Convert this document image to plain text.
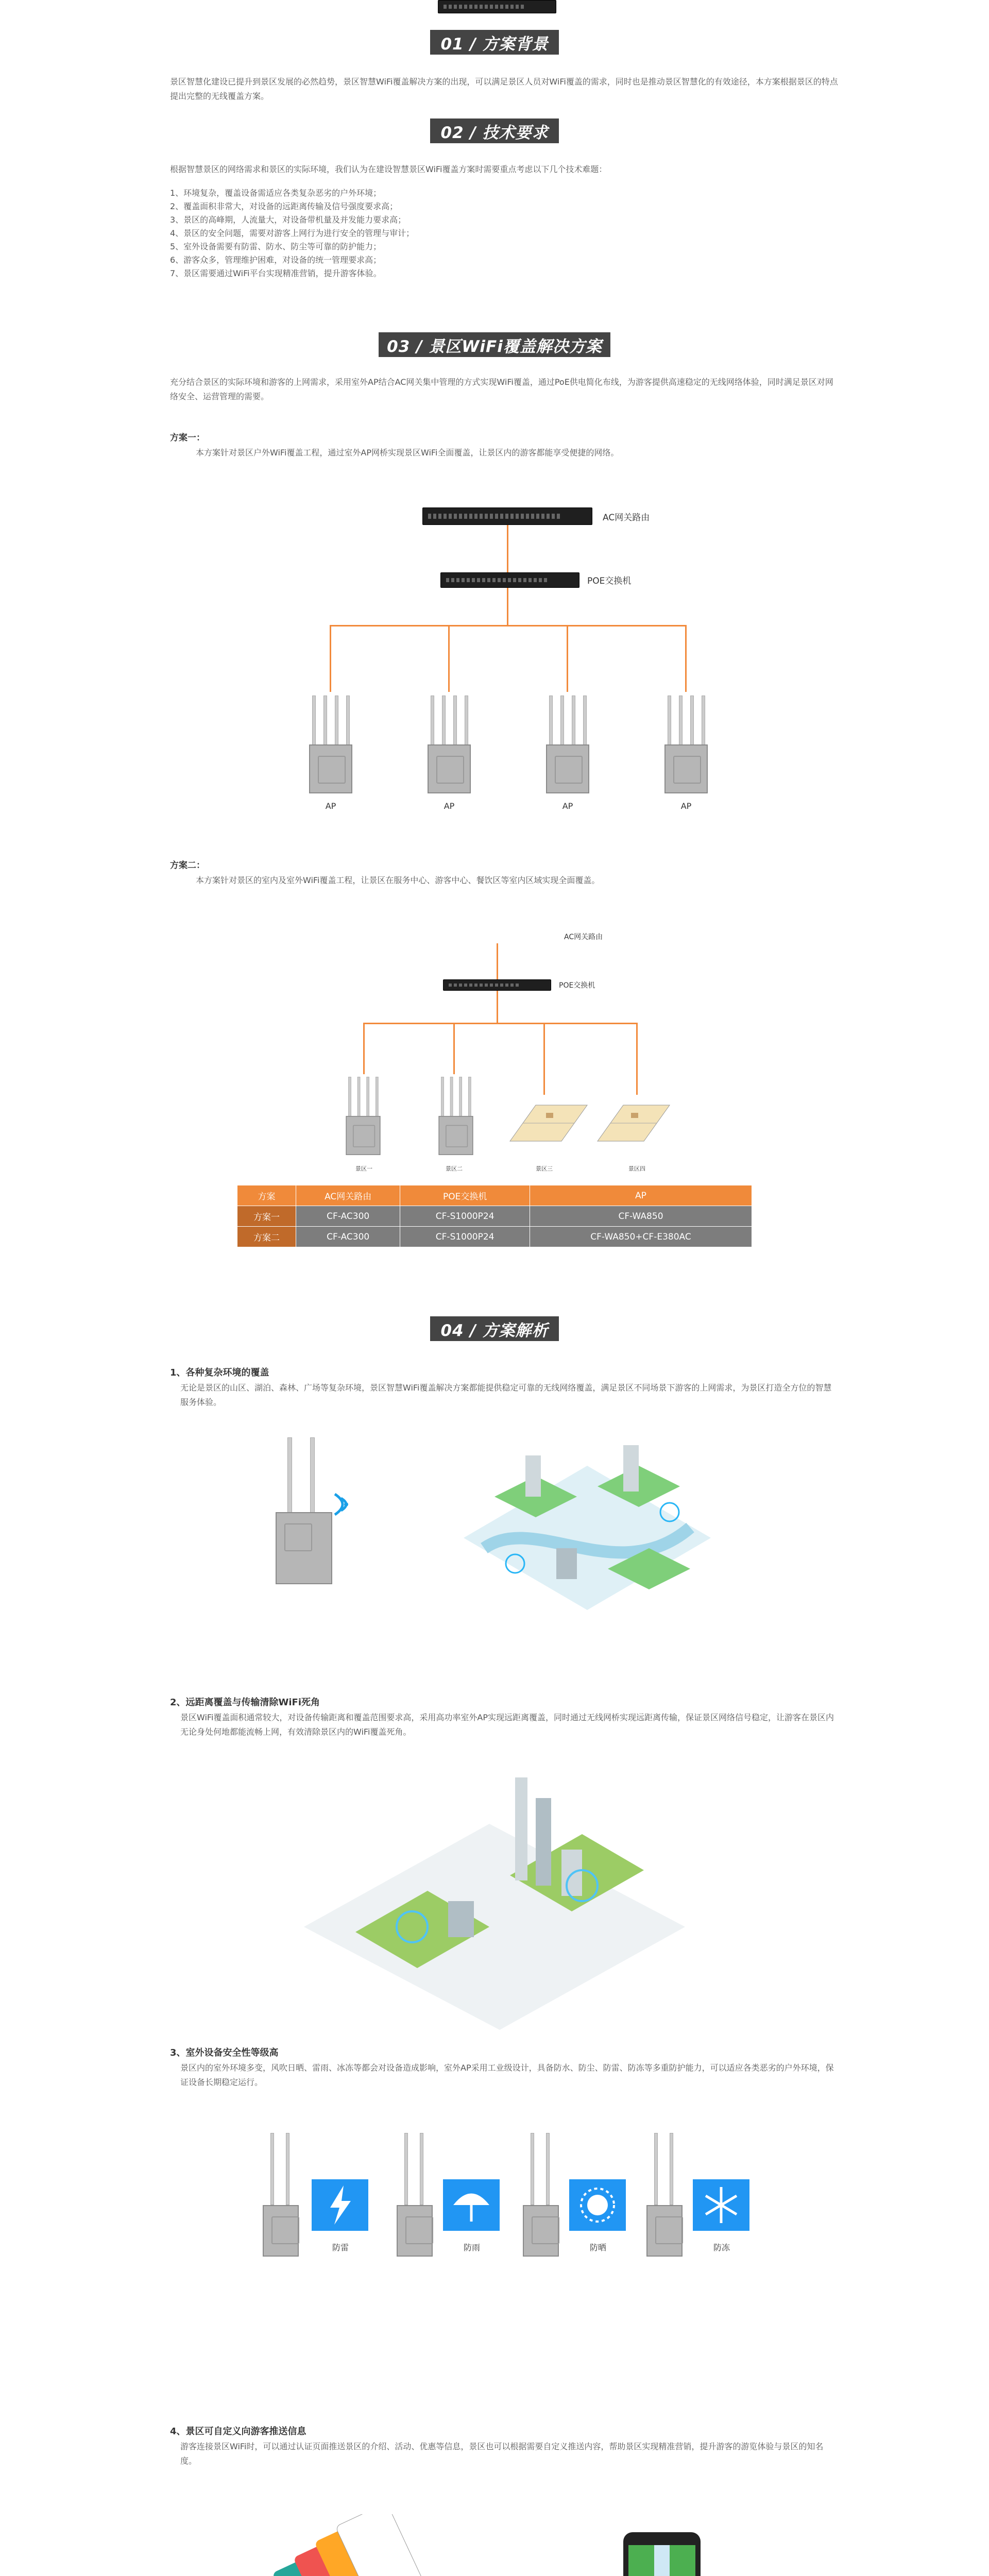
01 / 方案背景
景区智慧化建设已提升到景区发展的必然趋势，景区智慧WiFi覆盖解决方案的出现，可以满足景区人员对WiFi覆盖的需求，同时也是推动景区智慧化的有效途径，本方案根据景区的特点提出完整的无线覆盖方案。
02 / 技术要求
根据智慧景区的网络需求和景区的实际环境，我们认为在建设智慧景区WiFi覆盖方案时需要重点考虑以下几个技术难题：
1、环境复杂，覆盖设备需适应各类复杂恶劣的户外环境；
2、覆盖面积非常大，对设备的远距离传输及信号强度要求高；
3、景区的高峰期，人流量大，对设备带机量及并发能力要求高；
4、景区的安全问题，需要对游客上网行为进行安全的管理与审计；
5、室外设备需要有防雷、防水、防尘等可靠的防护能力；
6、游客众多，管理维护困难，对设备的统一管理要求高；
7、景区需要通过WiFi平台实现精准营销，提升游客体验。
03 / 景区WiFi覆盖解决方案
充分结合景区的实际环境和游客的上网需求，采用室外AP结合AC网关集中管理的方式实现WiFi覆盖，通过PoE供电简化布线，为游客提供高速稳定的无线网络体验，同时满足景区对网络安全、运营管理的需要。
方案一：
本方案针对景区户外WiFi覆盖工程，通过室外AP网桥实现景区WiFi全面覆盖，让景区内的游客都能享受便捷的网络。
AC网关路由
POE交换机
AP	AP	AP	AP
方案二：
本方案针对景区的室内及室外WiFi覆盖工程，让景区在服务中心、游客中心、餐饮区等室内区域实现全面覆盖。
AC网关路由
POE交换机
景区一	景区二	景区三	景区四
方案	AC网关路由	POE交换机	AP
方案一	CF-AC300	CF-S1000P24	CF-WA850
方案二	CF-AC300	CF-S1000P24	CF-WA850+CF-E380AC
04 / 方案解析
1、各种复杂环境的覆盖
无论是景区的山区、湖泊、森林、广场等复杂环境，景区智慧WiFi覆盖解决方案都能提供稳定可靠的无线网络覆盖，满足景区不同场景下游客的上网需求，为景区打造全方位的智慧服务体验。
2、远距离覆盖与传输清除WiFi死角
景区WiFi覆盖面积通常较大，对设备传输距离和覆盖范围要求高，采用高功率室外AP实现远距离覆盖，同时通过无线网桥实现远距离传输，保证景区网络信号稳定，让游客在景区内无论身处何地都能流畅上网，有效清除景区内的WiFi覆盖死角。
3、室外设备安全性等级高
景区内的室外环境多变，风吹日晒、雷雨、冰冻等都会对设备造成影响，室外AP采用工业级设计，具备防水、防尘、防雷、防冻等多重防护能力，可以适应各类恶劣的户外环境，保证设备长期稳定运行。
防雷	防雨	防晒	防冻
4、景区可自定义向游客推送信息
游客连接景区WiFi时，可以通过认证页面推送景区的介绍、活动、优惠等信息，景区也可以根据需要自定义推送内容，帮助景区实现精准营销，提升游客的游览体验与景区的知名度。
